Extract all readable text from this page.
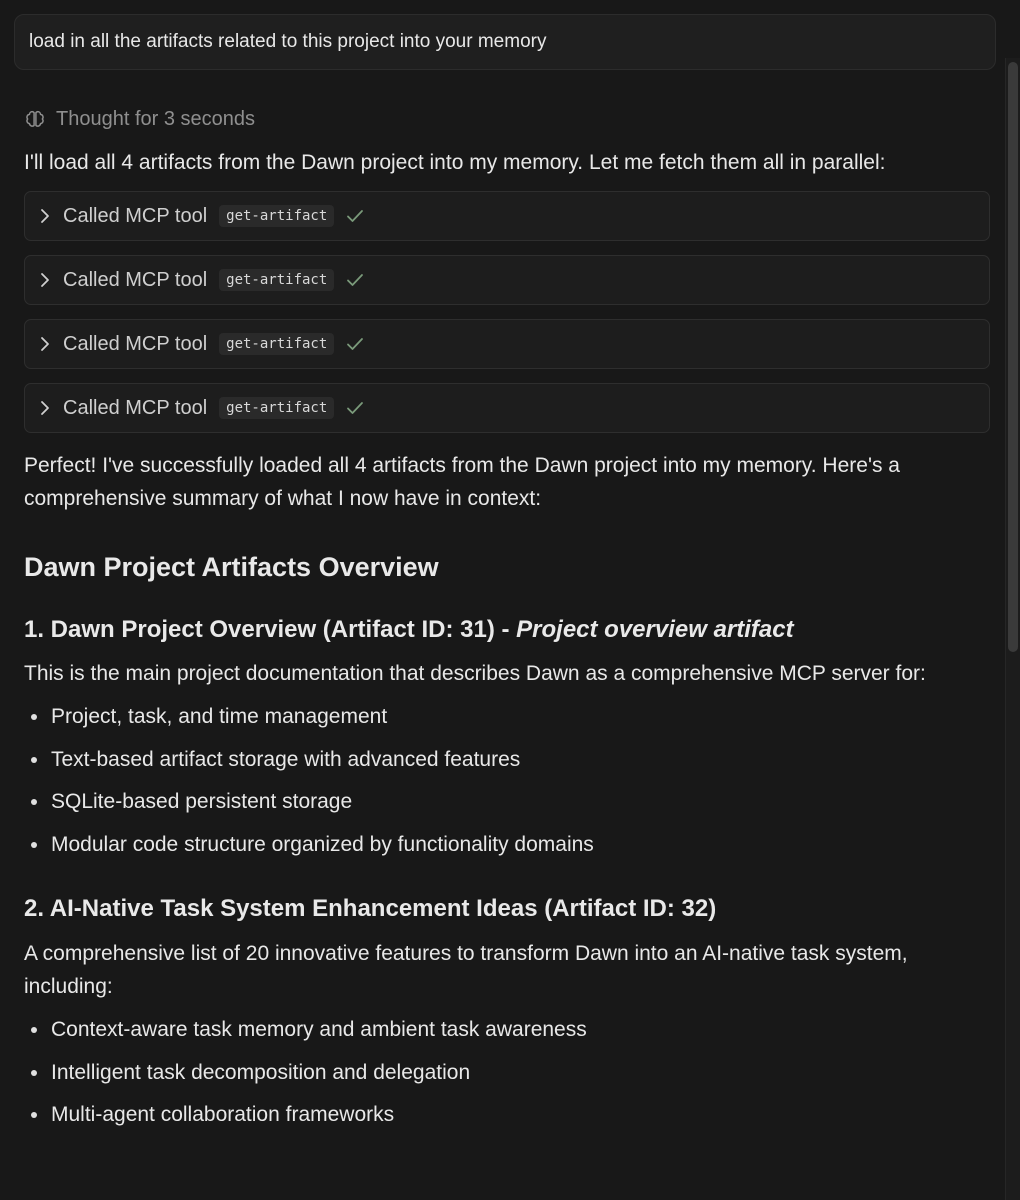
load in all the artifacts related to this project into your memory
Thought for 3 seconds

I'll load all 4 artifacts from the Dawn project into my memory. Let me fetch them all in parallel:

Called MCP tool	get-artifact
Called MCP tool	get-artifact
Called MCP tool	get-artifact
Called MCP tool	get-artifact

Perfect! I've successfully loaded all 4 artifacts from the Dawn project into my memory. Here's a comprehensive summary of what I now have in context:

Dawn Project Artifacts Overview
1. Dawn Project Overview (Artifact ID: 31) - Project overview artifact

This is the main project documentation that describes Dawn as a comprehensive MCP server for:

Project, task, and time management
Text-based artifact storage with advanced features
SQLite-based persistent storage
Modular code structure organized by functionality domains
2. AI-Native Task System Enhancement Ideas (Artifact ID: 32)

A comprehensive list of 20 innovative features to transform Dawn into an AI-native task system, including:

Context-aware task memory and ambient task awareness
Intelligent task decomposition and delegation
Multi-agent collaboration frameworks
